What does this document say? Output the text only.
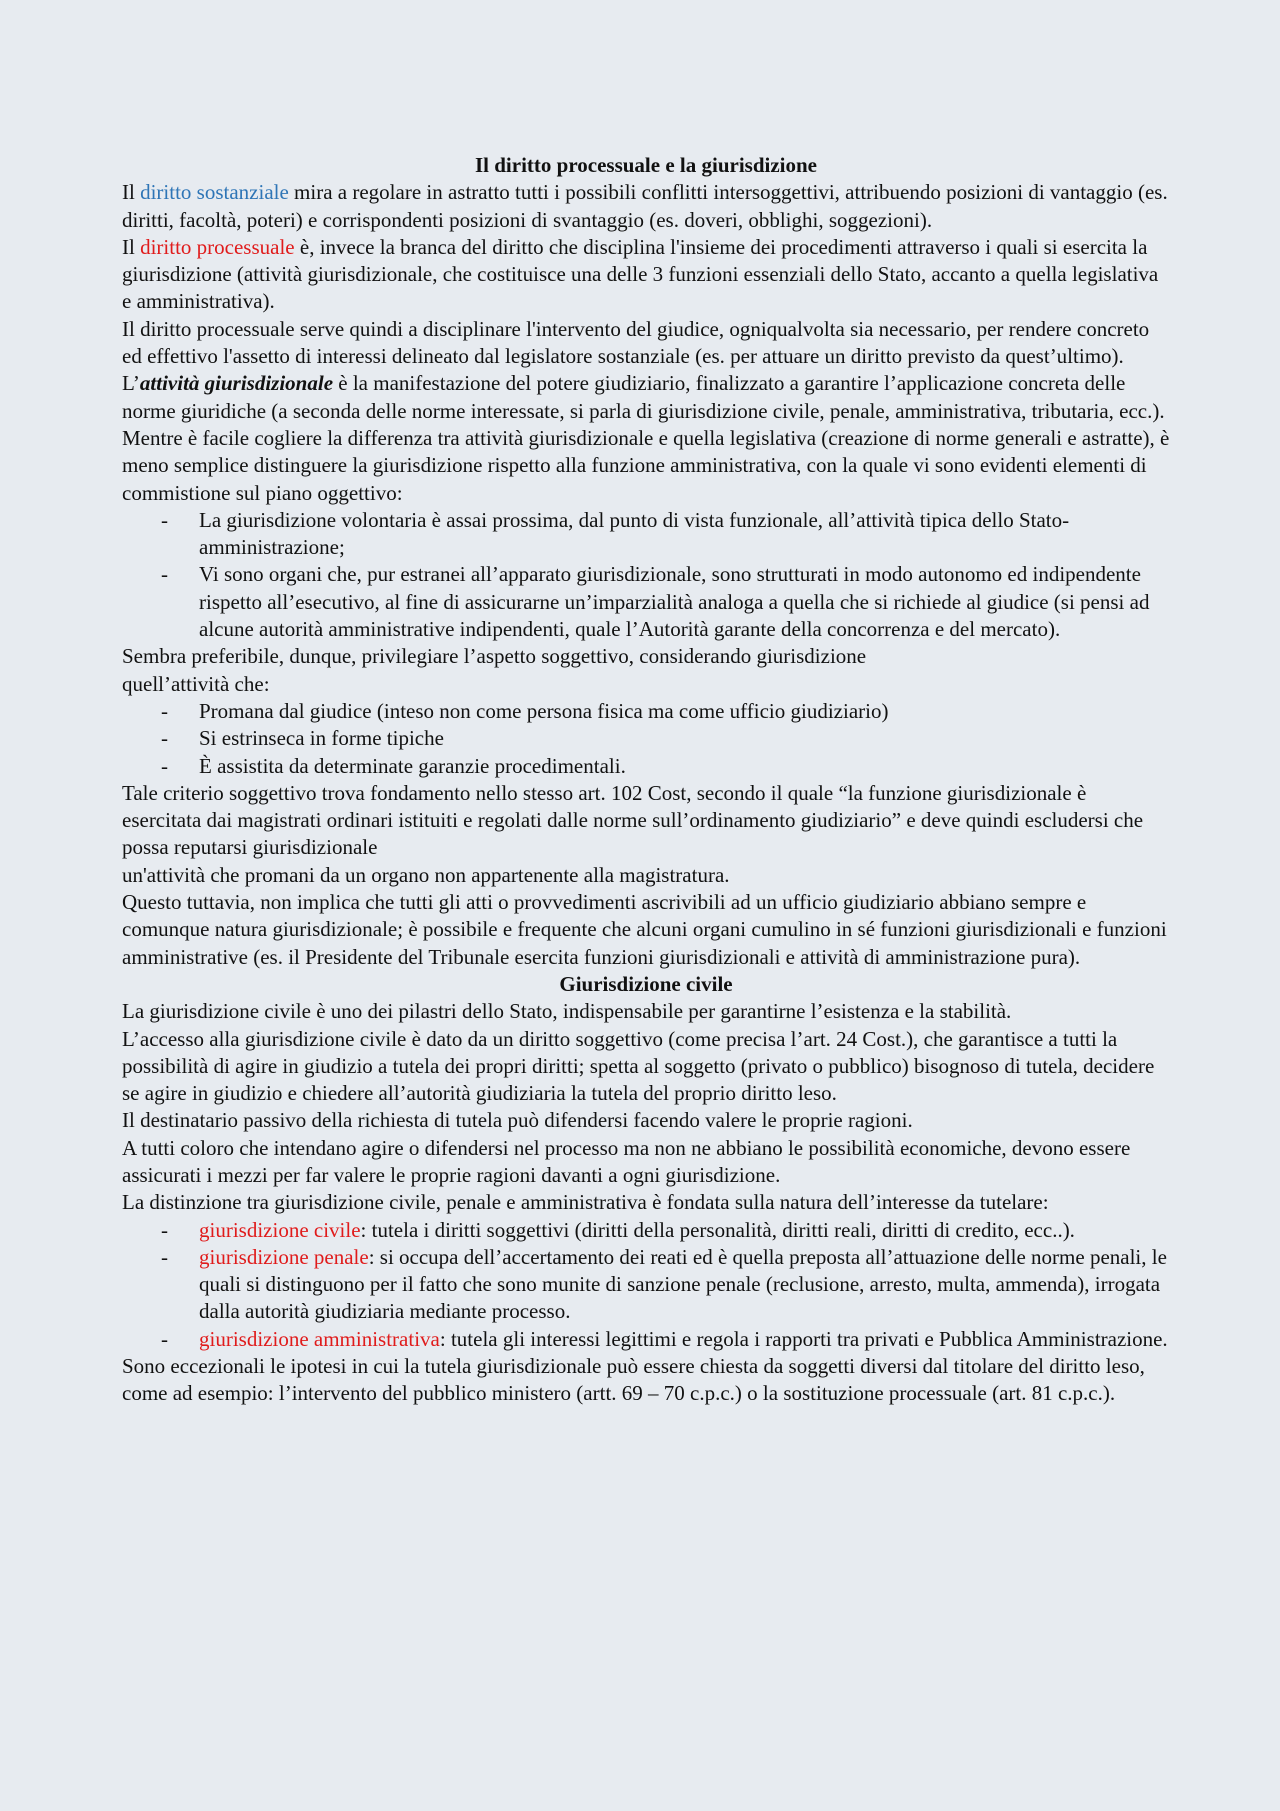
Il diritto processuale e la giurisdizione

Il diritto sostanziale mira a regolare in astratto tutti i possibili conflitti intersoggettivi, attribuendo posizioni di vantaggio (es. diritti, facoltà, poteri) e corrispondenti posizioni di svantaggio (es. doveri, obblighi, soggezioni).

Il diritto processuale è, invece la branca del diritto che disciplina l'insieme dei procedimenti attraverso i quali si esercita la giurisdizione (attività giurisdizionale, che costituisce una delle 3 funzioni essenziali dello Stato, accanto a quella legislativa e amministrativa).

Il diritto processuale serve quindi a disciplinare l'intervento del giudice, ogniqualvolta sia necessario, per rendere concreto ed effettivo l'assetto di interessi delineato dal legislatore sostanziale (es. per attuare un diritto previsto da quest’ultimo).

L’attività giurisdizionale è la manifestazione del potere giudiziario, finalizzato a garantire l’applicazione concreta delle norme giuridiche (a seconda delle norme interessate, si parla di giurisdizione civile, penale, amministrativa, tributaria, ecc.).

Mentre è facile cogliere la differenza tra attività giurisdizionale e quella legislativa (creazione di norme generali e astratte), è meno semplice distinguere la giurisdizione rispetto alla funzione amministrativa, con la quale vi sono evidenti elementi di commistione sul piano oggettivo:

- La giurisdizione volontaria è assai prossima, dal punto di vista funzionale, all’attività tipica dello Stato-amministrazione;
- Vi sono organi che, pur estranei all’apparato giurisdizionale, sono strutturati in modo autonomo ed indipendente rispetto all’esecutivo, al fine di assicurarne un’imparzialità analoga a quella che si richiede al giudice (si pensi ad alcune autorità amministrative indipendenti, quale l’Autorità garante della concorrenza e del mercato).

Sembra preferibile, dunque, privilegiare l’aspetto soggettivo, considerando giurisdizione

quell’attività che:

- Promana dal giudice (inteso non come persona fisica ma come ufficio giudiziario)
- Si estrinseca in forme tipiche
- È assistita da determinate garanzie procedimentali.

Tale criterio soggettivo trova fondamento nello stesso art. 102 Cost, secondo il quale “la funzione giurisdizionale è esercitata dai magistrati ordinari istituiti e regolati dalle norme sull’ordinamento giudiziario” e deve quindi escludersi che possa reputarsi giurisdizionale

un'attività che promani da un organo non appartenente alla magistratura.

Questo tuttavia, non implica che tutti gli atti o provvedimenti ascrivibili ad un ufficio giudiziario abbiano sempre e comunque natura giurisdizionale; è possibile e frequente che alcuni organi cumulino in sé funzioni giurisdizionali e funzioni amministrative (es. il Presidente del Tribunale esercita funzioni giurisdizionali e attività di amministrazione pura).

Giurisdizione civile

La giurisdizione civile è uno dei pilastri dello Stato, indispensabile per garantirne l’esistenza e la stabilità.

L’accesso alla giurisdizione civile è dato da un diritto soggettivo (come precisa l’art. 24 Cost.), che garantisce a tutti la possibilità di agire in giudizio a tutela dei propri diritti; spetta al soggetto (privato o pubblico) bisognoso di tutela, decidere se agire in giudizio e chiedere all’autorità giudiziaria la tutela del proprio diritto leso.

Il destinatario passivo della richiesta di tutela può difendersi facendo valere le proprie ragioni.

A tutti coloro che intendano agire o difendersi nel processo ma non ne abbiano le possibilità economiche, devono essere assicurati i mezzi per far valere le proprie ragioni davanti a ogni giurisdizione.

La distinzione tra giurisdizione civile, penale e amministrativa è fondata sulla natura dell’interesse da tutelare:

- giurisdizione civile: tutela i diritti soggettivi (diritti della personalità, diritti reali, diritti di credito, ecc..).
- giurisdizione penale: si occupa dell’accertamento dei reati ed è quella preposta all’attuazione delle norme penali, le quali si distinguono per il fatto che sono munite di sanzione penale (reclusione, arresto, multa, ammenda), irrogata dalla autorità giudiziaria mediante processo.
- giurisdizione amministrativa: tutela gli interessi legittimi e regola i rapporti tra privati e Pubblica Amministrazione.

Sono eccezionali le ipotesi in cui la tutela giurisdizionale può essere chiesta da soggetti diversi dal titolare del diritto leso, come ad esempio: l’intervento del pubblico ministero (artt. 69 – 70 c.p.c.) o la sostituzione processuale (art. 81 c.p.c.).
